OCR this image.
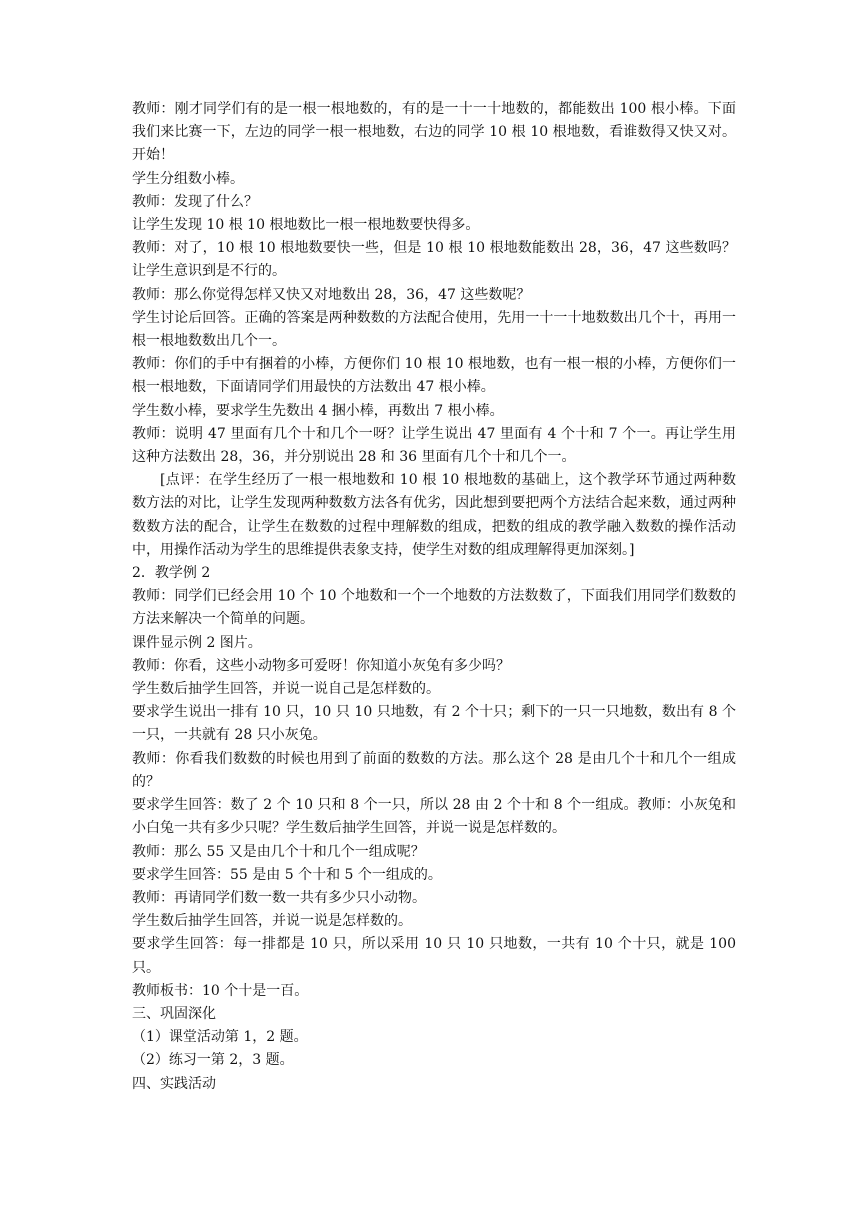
教师：刚才同学们有的是一根一根地数的，有的是一十一十地数的，都能数出 100 根小棒。下面我们来比赛一下，左边的同学一根一根地数，右边的同学 10 根 10 根地数，看谁数得又快又对。开始！

学生分组数小棒。

教师：发现了什么？

让学生发现 10 根 10 根地数比一根一根地数要快得多。

教师：对了，10 根 10 根地数要快一些，但是 10 根 10 根地数能数出 28，36，47 这些数吗？让学生意识到是不行的。

教师：那么你觉得怎样又快又对地数出 28，36，47 这些数呢？

学生讨论后回答。正确的答案是两种数数的方法配合使用，先用一十一十地数数出几个十，再用一根一根地数数出几个一。

教师：你们的手中有捆着的小棒，方便你们 10 根 10 根地数，也有一根一根的小棒，方便你们一根一根地数，下面请同学们用最快的方法数出 47 根小棒。

学生数小棒，要求学生先数出 4 捆小棒，再数出 7 根小棒。

教师：说明 47 里面有几个十和几个一呀？让学生说出 47 里面有 4 个十和 7 个一。再让学生用这种方法数出 28，36，并分别说出 28 和 36 里面有几个十和几个一。

[点评：在学生经历了一根一根地数和 10 根 10 根地数的基础上，这个教学环节通过两种数数方法的对比，让学生发现两种数数方法各有优劣，因此想到要把两个方法结合起来数，通过两种数数方法的配合，让学生在数数的过程中理解数的组成，把数的组成的教学融入数数的操作活动中，用操作活动为学生的思维提供表象支持，使学生对数的组成理解得更加深刻。]

2．教学例 2

教师：同学们已经会用 10 个 10 个地数和一个一个地数的方法数数了，下面我们用同学们数数的方法来解决一个简单的问题。

课件显示例 2 图片。

教师：你看，这些小动物多可爱呀！你知道小灰兔有多少吗？

学生数后抽学生回答，并说一说自己是怎样数的。

要求学生说出一排有 10 只，10 只 10 只地数，有 2 个十只；剩下的一只一只地数，数出有 8 个一只，一共就有 28 只小灰兔。

教师：你看我们数数的时候也用到了前面的数数的方法。那么这个 28 是由几个十和几个一组成的？

要求学生回答：数了 2 个 10 只和 8 个一只，所以 28 由 2 个十和 8 个一组成。教师：小灰兔和小白兔一共有多少只呢？学生数后抽学生回答，并说一说是怎样数的。

教师：那么 55 又是由几个十和几个一组成呢？

要求学生回答：55 是由 5 个十和 5 个一组成的。

教师：再请同学们数一数一共有多少只小动物。

学生数后抽学生回答，并说一说是怎样数的。

要求学生回答：每一排都是 10 只，所以采用 10 只 10 只地数，一共有 10 个十只，就是 100 只。

教师板书：10 个十是一百。

三、巩固深化

（1）课堂活动第 1，2 题。

（2）练习一第 2，3 题。

四、实践活动
